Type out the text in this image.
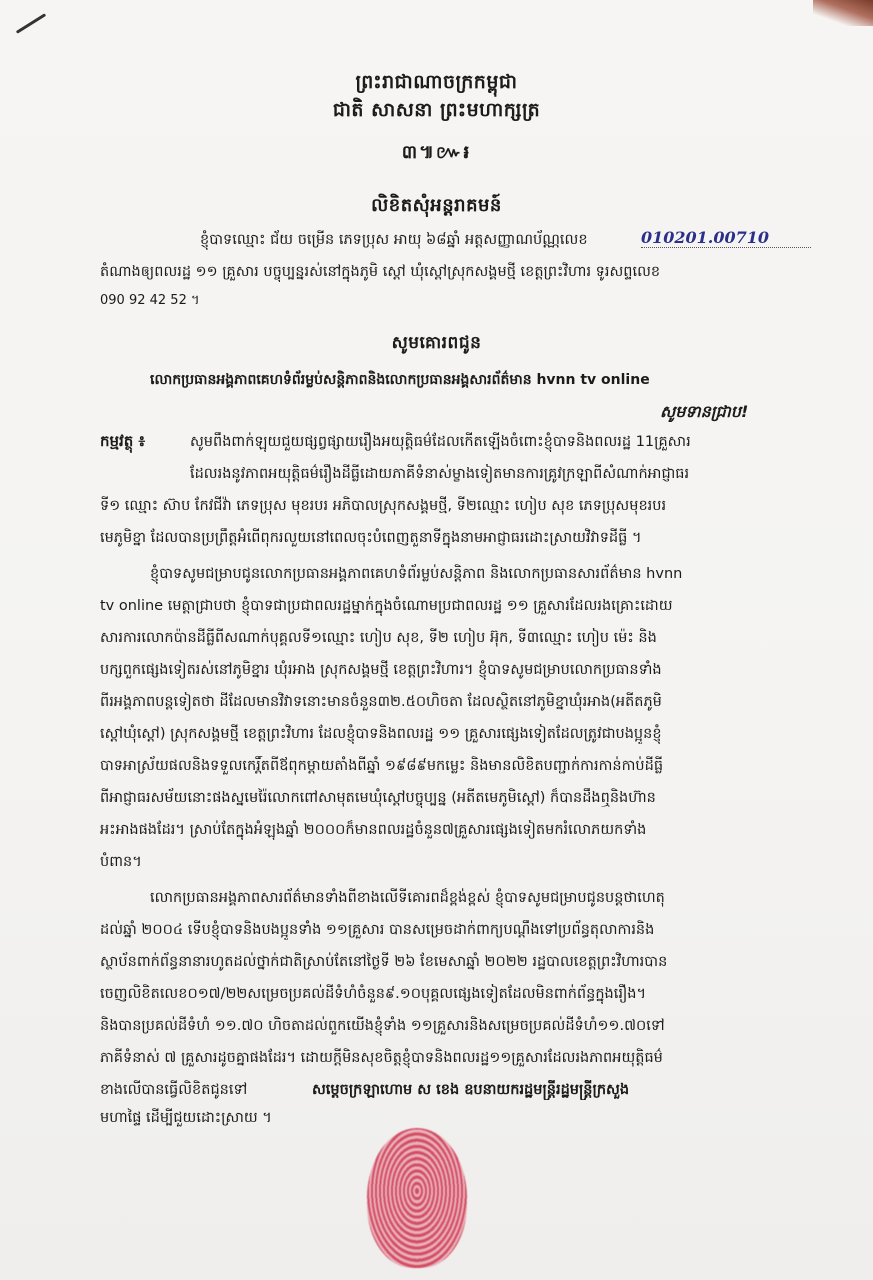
ព្រះរាជាណាចក្រកម្ពុជា
ជាតិ សាសនា ព្រះមហាក្សត្រ
៣៕៚៛
លិខិតសុំអន្តរាគមន៍
ខ្ញុំបាទឈ្មោះ ជ័យ ចម្រើន ភេទប្រុស អាយុ ៦៨ឆ្នាំ អត្តសញ្ញាណប័ណ្ណលេខ	010201.00710
តំណាងឲ្យពលរដ្ឋ ១១ គ្រួសារ បច្ចុប្បន្នរស់នៅក្នុងភូមិ ស្តៅ ឃុំស្តៅស្រុកសង្គមថ្មី ខេត្តព្រះវិហារ ទូរសព្ទលេខ
090 92 42 52 ។
សូមគោរពជូន
លោកប្រធានអង្គភាពគេហទំព័រម្លប់សន្តិភាពនិងលោកប្រធានអង្គសារព័ត៌មាន hvnn tv online
សូមទានជ្រាប!
កម្មវត្ថុ ៖	សូមពឹងពាក់ឡុយជួយផ្សព្វផ្សាយរឿងអយុត្តិធម៌ដែលកើតឡើងចំពោះខ្ញុំបាទនិងពលរដ្ឋ 11គ្រួសារ
ដែលរងនូវភាពអយុត្តិធម៌រឿងដីធ្លីដោយភាគីទំនាស់ម្ខាងទៀតមានការគ្រូវក្រឡាពីសំណាក់អាជ្ញាធរ
ទី១ ឈ្មោះ ស៊ាប កែវជីវ៉ា ភេទប្រុស មុខរបរ អភិបាលស្រុកសង្គមថ្មី, ទី២ឈ្មោះ ហៀប សុខ ភេទប្រុសមុខរបរ
មេភូមិខ្នា ដែលបានប្រព្រឹត្តអំពើពុករលួយនៅពេលចុះបំពេញតួនាទីក្នុងនាមអាជ្ញាធរដោះស្រាយវិវាទដីធ្លី ។
ខ្ញុំបាទសូមជម្រាបជូនលោកប្រធានអង្គភាពគេហទំព័រម្លប់សន្តិភាព និងលោកប្រធានសារព័ត៌មាន hvnn
tv online មេត្តាជ្រាបថា ខ្ញុំបាទជាប្រជាពលរដ្ឋម្នាក់ក្នុងចំណោមប្រជាពលរដ្ឋ ១១ គ្រួសារដែលរងគ្រោះដោយ
សារការលោកប៉ានដីធ្លីពីសណាក់បុគ្គលទី១ឈ្មោះ ហៀប សុខ, ទី២ ហៀប អ៊ុក, ទី៣ឈ្មោះ ហៀប ម៉េះ និង
បក្សពួកផ្សេងទៀតរស់នៅភូមិខ្នារ ឃុំរអាង ស្រុកសង្គមថ្មី ខេត្តព្រះវិហារ។ ខ្ញុំបាទសូមជម្រាបលោកប្រធានទាំង
ពីរអង្គភាពបន្តទៀតថា ដីដែលមានវិវាទនោះមានចំនួន៣២.៥០ហិចតា ដែលស្ថិតនៅភូមិខ្នាឃុំរអាង(អតីតភូមិ
ស្តៅឃុំស្តៅ) ស្រុកសង្គមថ្មី ខេត្តព្រះវិហារ ដែលខ្ញុំបាទនិងពលរដ្ឋ ១១ គ្រួសារផ្សេងទៀតដែលត្រូវជាបងប្អូនខ្ញុំ
បាទអាស្រ័យផលនិងទទួលកេរ្តិ៍តពីឪពុកម្តាយតាំងពីឆ្នាំ ១៩៨៩មកម្លេះ និងមានលិខិតបញ្ជាក់ការកាន់កាប់ដីធ្លី
ពីអាជ្ញាធរសម័យនោះផងស្នមេរ៉ៃលោកពៅសាមុតមេឃុំស្តៅបច្ចុប្បន្ន (អតីតមេភូមិស្តៅ) ក៏បានដឹងឮនិងហ៊ាន
អះអាងផងដែរ។ ស្រាប់តែក្នុងអំឡុងឆ្នាំ ២០០០ក៏មានពលរដ្ឋចំនួន៧គ្រួសារផ្សេងទៀតមករំលោភយកទាំង
បំពាន។
លោកប្រធានអង្គភាពសារព័ត៌មានទាំងពីខាងលើទីគោរពដ៏ខ្ពង់ខ្ពស់ ខ្ញុំបាទសូមជម្រាបជូនបន្តថាហេតុ
ដល់ឆ្នាំ ២០០៤ ទើបខ្ញុំបាទនិងបងប្អូនទាំង ១១គ្រួសារ បានសម្រេចដាក់ពាក្យបណ្តឹងទៅប្រព័ន្ធតុលាការនិង
ស្ថាប័នពាក់ព័ន្ធនានារហូតដល់ថ្នាក់ជាតិស្រាប់តែនៅថ្ងៃទី ២៦ ខែមេសាឆ្នាំ ២០២២ រដ្ឋបាលខេត្តព្រះវិហារបាន
ចេញលិខិតលេខ០១៧/២២សម្រេចប្រគល់ដីទំហំចំនួន៩.១០បុគ្គលផ្សេងទៀតដែលមិនពាក់ព័ន្ធក្នុងរឿង។
និងបានប្រគល់ដីទំហំ ១១.៧០ ហិចតាដល់ពួកយើងខ្ញុំទាំង ១១គ្រួសារនិងសម្រេចប្រគល់ដីទំហំ១១.៧០ទៅ
ភាគីទំនាស់ ៧ គ្រួសារដូចគ្នាផងដែរ។ ដោយក្តីមិនសុខចិត្តខ្ញុំបាទនិងពលរដ្ឋ១១គ្រួសារដែលរងភាពអយុត្តិធម៌
ខាងលើបានធ្វើលិខិតជូនទៅ	សម្តេចក្រឡាហោម ស ខេង ឧបនាយករដ្ឋមន្ត្រីរដ្ឋមន្ត្រីក្រសួង
មហាផ្ទៃ ដើម្បីជួយដោះស្រាយ ។
